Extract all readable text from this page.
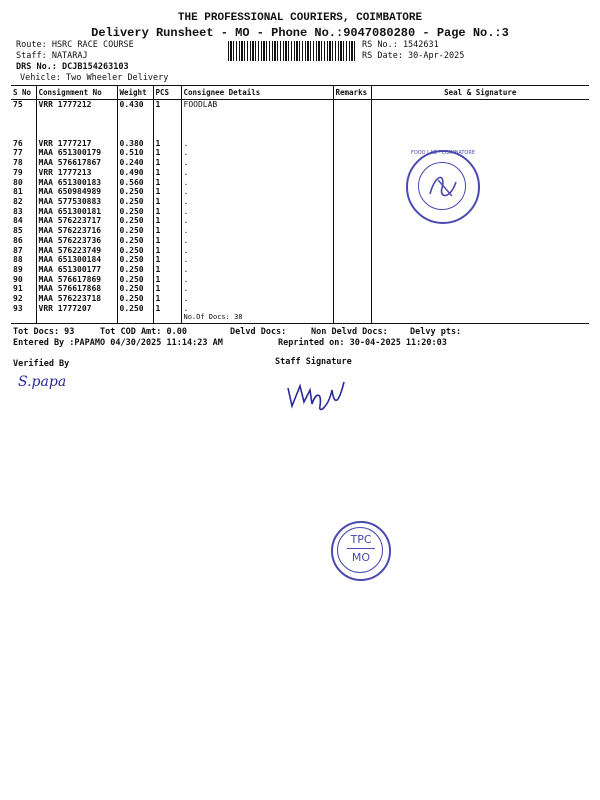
THE PROFESSIONAL COURIERS, COIMBATORE
Delivery Runsheet - MO - Phone No.:9047080280 - Page No.:3
Route: HSRC RACE COURSE
Staff: NATARAJ
DRS No.: DCJB154263103
Vehicle: Two Wheeler Delivery
RS No.: 1542631
RS Date: 30-Apr-2025
S No	Consignment No	Weight	PCS	Consignee Details	Remarks	Seal & Signature
75	VRR 1777212	0.430	1	FOODLAB		

76	VRR 1777217	0.380	1	.		
77	MAA 651300179	0.510	1	.		
78	MAA 576617867	0.240	1	.		
79	VRR 1777213	0.490	1	.		
80	MAA 651300183	0.560	1	.		
81	MAA 650984989	0.250	1	.		
82	MAA 577530883	0.250	1	.		
83	MAA 651300181	0.250	1	.		
84	MAA 576223717	0.250	1	.		
85	MAA 576223716	0.250	1	.		
86	MAA 576223736	0.250	1	.		
87	MAA 576223749	0.250	1	.		
88	MAA 651300184	0.250	1	.		
89	MAA 651300177	0.250	1	.		
90	MAA 576617869	0.250	1	.		
91	MAA 576617868	0.250	1	.		
92	MAA 576223718	0.250	1	.		
93	VRR 1777207	0.250	1	.		
				No.Of Docs: 38		
FOOD LAB · COIMBATORE
Tot Docs: 93	Tot COD Amt: 0.00	Delvd Docs:	Non Delvd Docs:	Delvy pts:
Entered By :PAPAMO 04/30/2025 11:14:23 AM	Reprinted on: 30-04-2025 11:20:03
Verified By	Staff Signature
S.papa
TPC
MO
